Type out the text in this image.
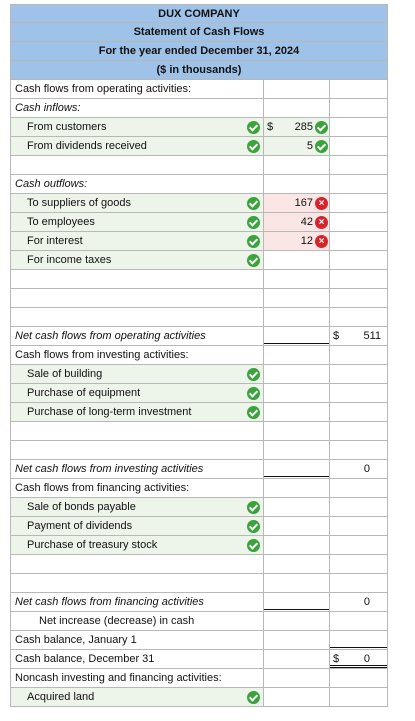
DUX COMPANY
Statement of Cash Flows
For the year ended December 31, 2024
($ in thousands)
Cash flows from operating activities:
Cash inflows:
From customers	$ 285
From dividends received	5
Cash outflows:
To suppliers of goods	167 ×
To employees	42 ×
For interest	12 ×
For income taxes
Net cash flows from operating activities	$ 511
Cash flows from investing activities:
Sale of building
Purchase of equipment
Purchase of long-term investment
Net cash flows from investing activities	0
Cash flows from financing activities:
Sale of bonds payable
Payment of dividends
Purchase of treasury stock
Net cash flows from financing activities	0
Net increase (decrease) in cash
Cash balance, January 1
Cash balance, December 31	$ 0
Noncash investing and financing activities:
Acquired land
